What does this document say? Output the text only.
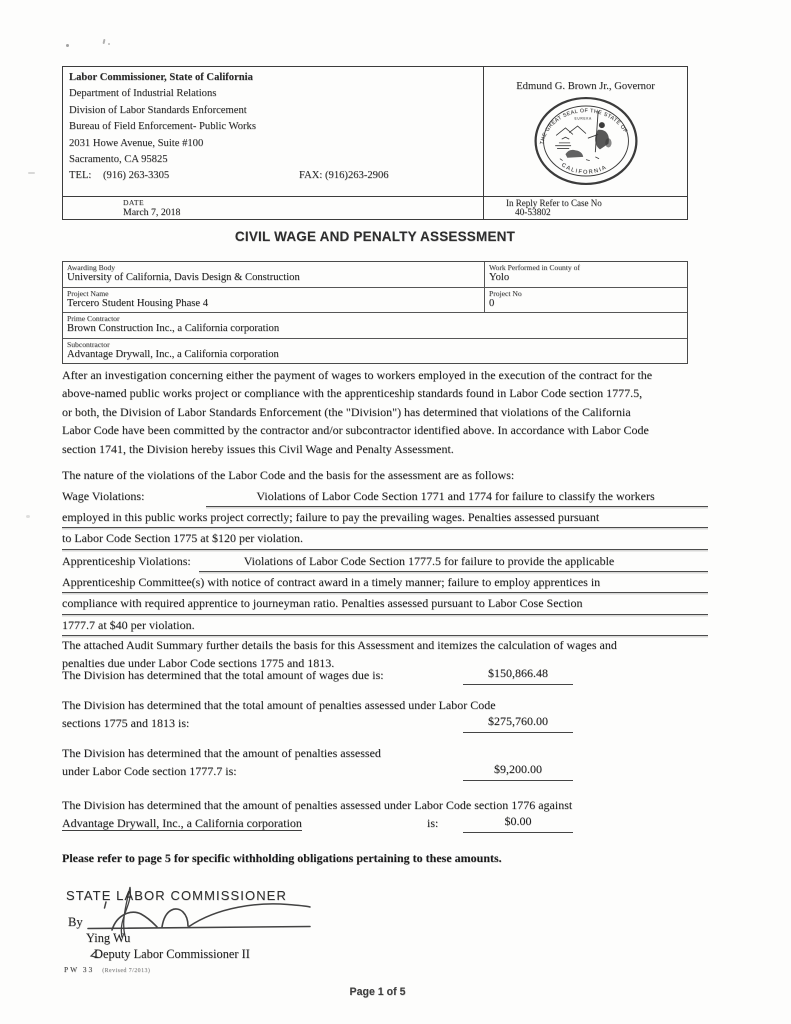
Labor Commissioner, State of California
Department of Industrial Relations
Division of Labor Standards Enforcement
Bureau of Field Enforcement- Public Works
2031 Howe Avenue, Suite #100
Sacramento, CA 95825
TEL:	(916) 263-3305	FAX:
(916)263-2906
Edmund G. Brown Jr., Governor
THE GREAT SEAL OF THE STATE OF
CALIFORNIA
EUREKA
DATE
March 7, 2018
In Reply Refer to Case No
40-53802
CIVIL WAGE AND PENALTY ASSESSMENT
Awarding Body
University of California, Davis Design & Construction
Work Performed in County of
Yolo
Project Name
Tercero Student Housing Phase 4
Project No
0
Prime Contractor
Brown Construction Inc., a California corporation
Subcontractor
Advantage Drywall, Inc., a California corporation
After an investigation concerning either the payment of wages to workers employed in the execution of the contract for the
above-named public works project or compliance with the apprenticeship standards found in Labor Code section 1777.5,
or both, the Division of Labor Standards Enforcement (the "Division") has determined that violations of the California
Labor Code have been committed by the contractor and/or subcontractor identified above. In accordance with Labor Code
section 1741, the Division hereby issues this Civil Wage and Penalty Assessment.
The nature of the violations of the Labor Code and the basis for the assessment are as follows:
Wage Violations:	Violations of Labor Code Section 1771 and 1774 for failure to classify the workers
employed in this public works project correctly; failure to pay the prevailing wages. Penalties assessed pursuant
to Labor Code Section 1775 at $120 per violation.
Apprenticeship Violations:	Violations of Labor Code Section 1777.5 for failure to provide the applicable
Apprenticeship Committee(s) with notice of contract award in a timely manner; failure to employ apprentices in
compliance with required apprentice to journeyman ratio. Penalties assessed pursuant to Labor Cose Section
1777.7 at $40 per violation.
The attached Audit Summary further details the basis for this Assessment and itemizes the calculation of wages and
penalties due under Labor Code sections 1775 and 1813.
The Division has determined that the total amount of wages due is:	$150,866.48
The Division has determined that the total amount of penalties assessed under Labor Code
sections 1775 and 1813 is:	$275,760.00
The Division has determined that the amount of penalties assessed
under Labor Code section 1777.7 is:	$9,200.00
The Division has determined that the amount of penalties assessed under Labor Code section 1776 against
Advantage Drywall, Inc., a California corporation	is:	$0.00
Please refer to page 5 for specific withholding obligations pertaining to these amounts.
STATE LABOR COMMISSIONER
By
Ying Wu
Deputy Labor Commissioner II
PW 33 (Revised 7/2013)
Page 1 of 5
